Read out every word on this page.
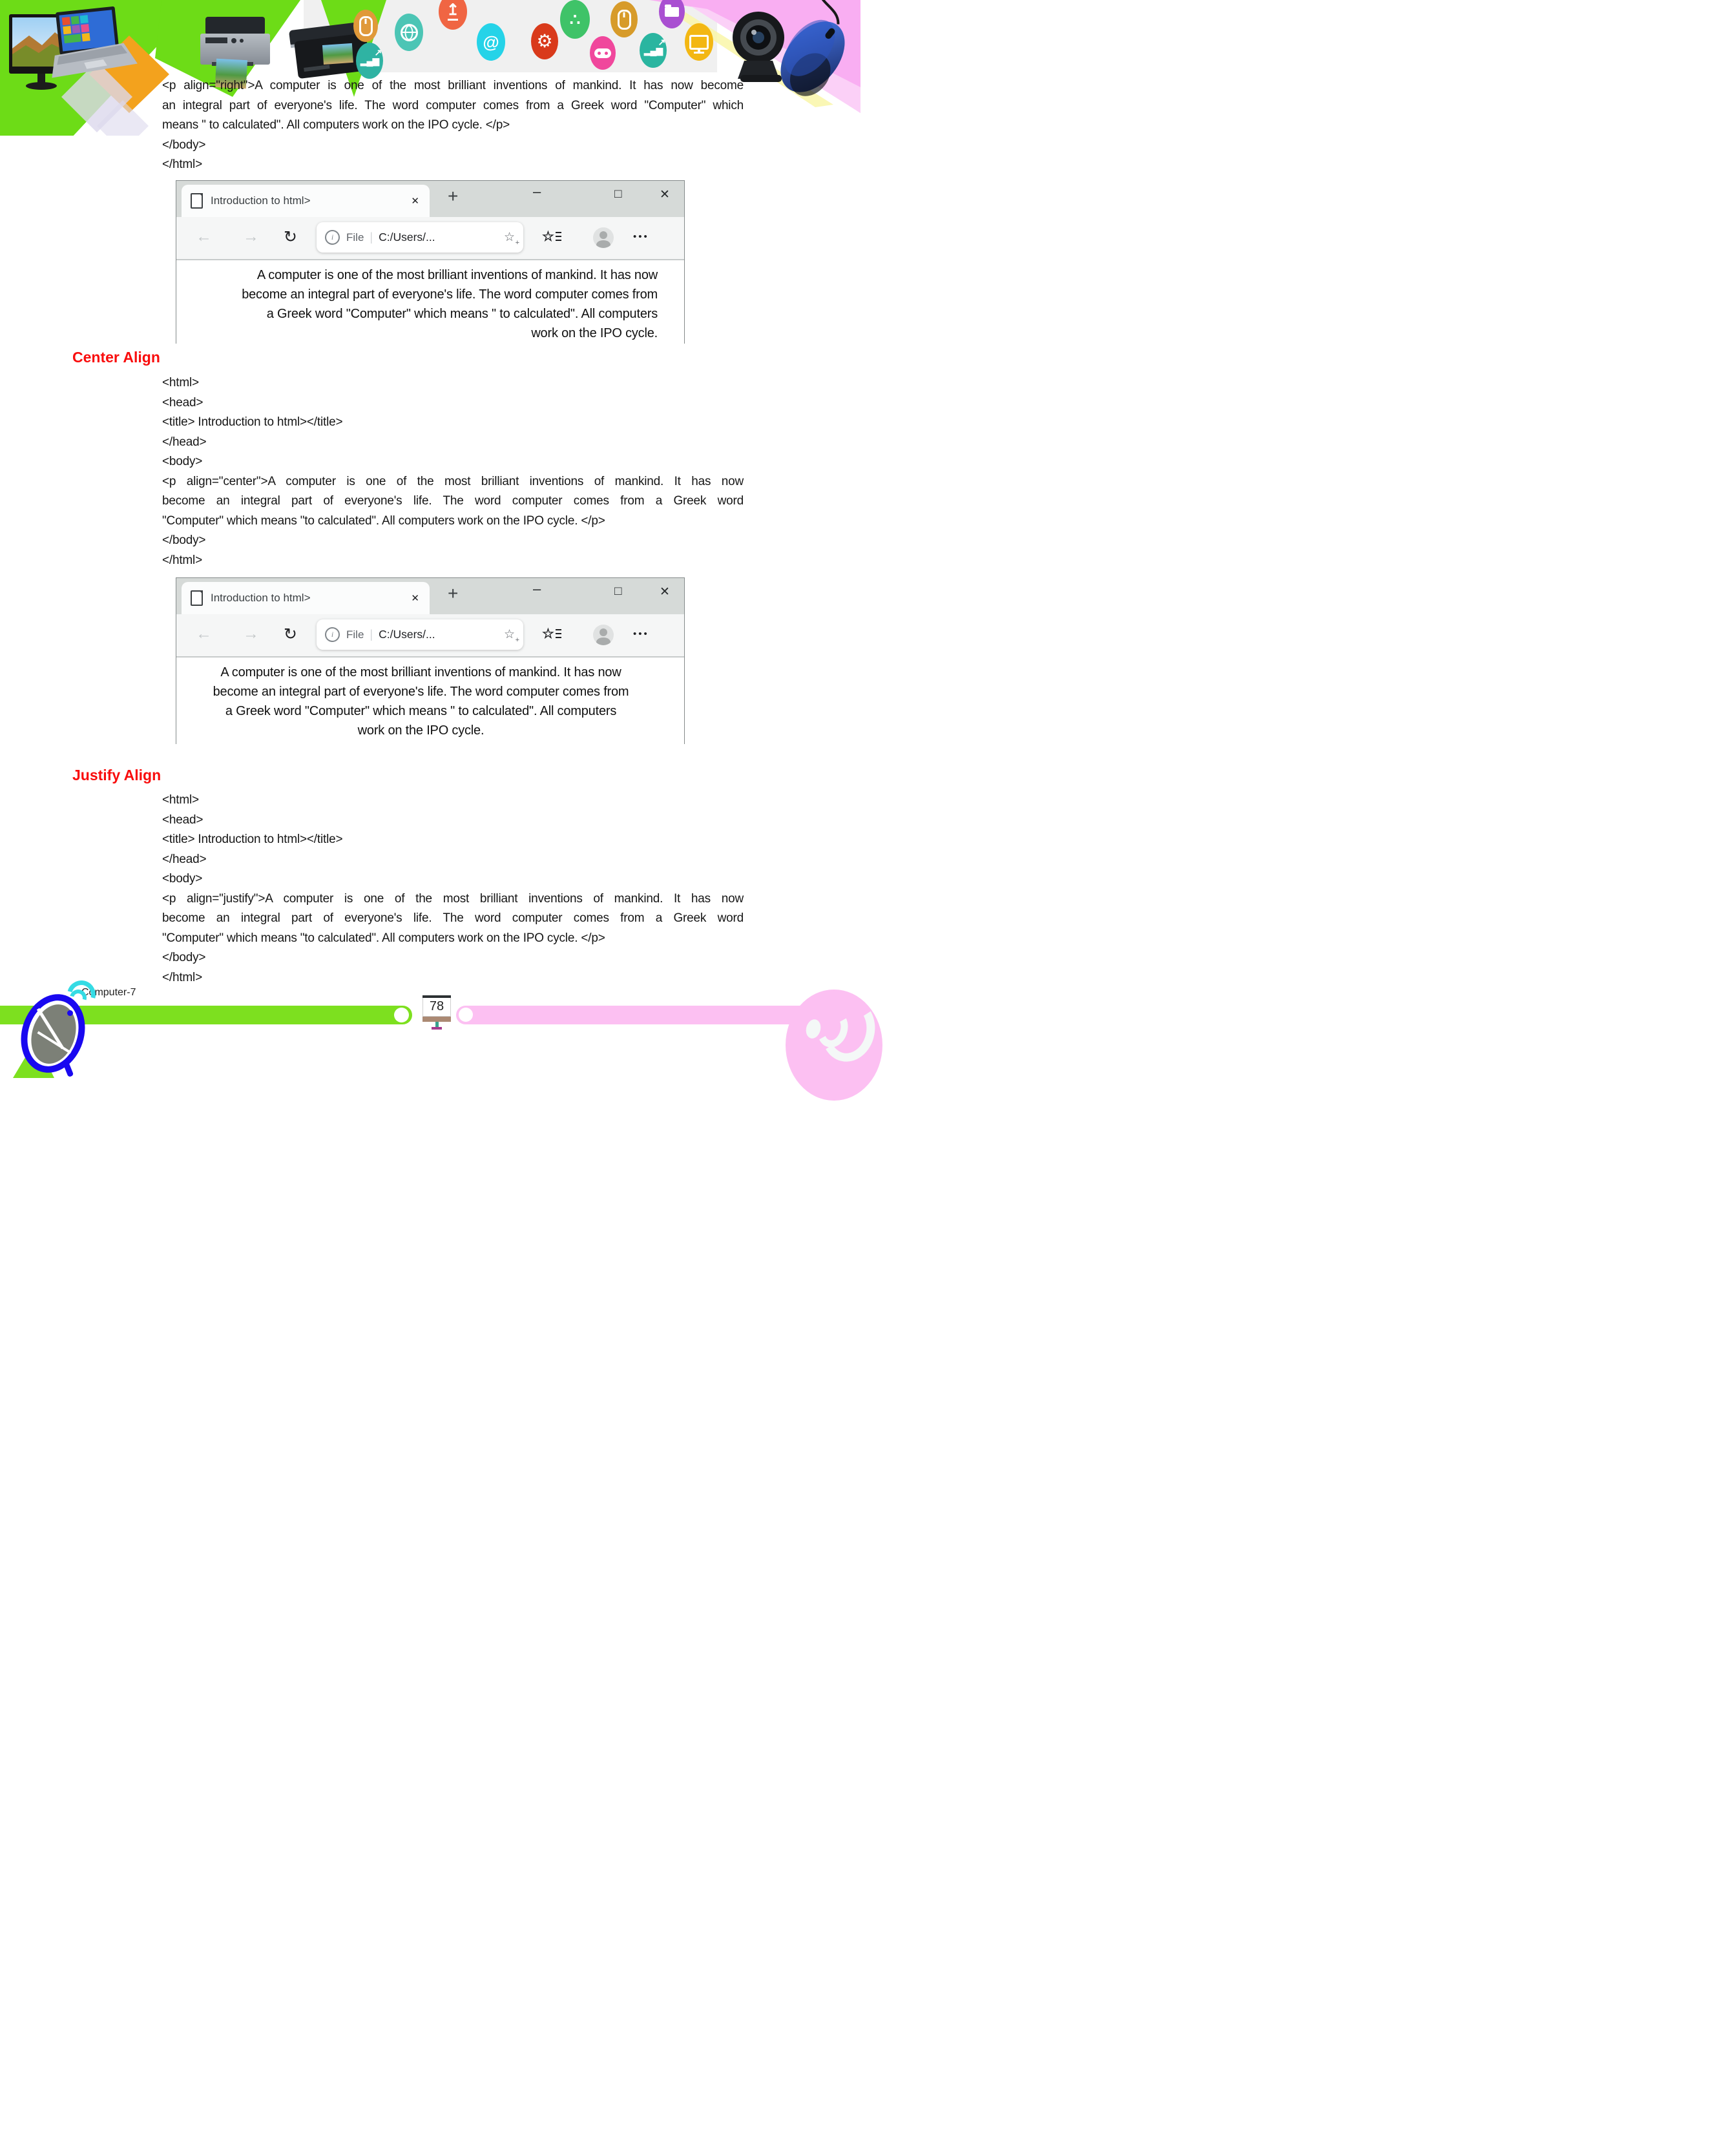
↥
@ ⚙
∴
▂▄▆ ↗
▂▄▆ ↗
<p align="right">A computer is one of the most brilliant inventions of mankind. It has now become
an integral part of everyone's life. The word computer comes from a Greek word "Computer" which
means " to calculated". All computers work on the IPO cycle. </p>
</body>
</html>
Introduction to html>	✕ +	–	□	✕
← → ↻	i	File | C:/Users/...	☆ + ☆	•••
A computer is one of the most brilliant inventions of mankind. It has now
become an integral part of everyone's life. The word computer comes from
a Greek word "Computer" which means " to calculated". All computers
work on the IPO cycle.
Center Align
<html>
<head>
<title> Introduction to html></title>
</head>
<body>
<p align="center">A computer is one of the most brilliant inventions of mankind. It has now
become an integral part of everyone's life. The word computer comes from a Greek word
"Computer" which means "to calculated". All computers work on the IPO cycle. </p>
</body>
</html>
Introduction to html>	✕ +	–	□	✕
← → ↻	i	File | C:/Users/...	☆ + ☆	•••
A computer is one of the most brilliant inventions of mankind. It has now
become an integral part of everyone's life. The word computer comes from
a Greek word "Computer" which means " to calculated". All computers
work on the IPO cycle.
Justify Align
<html>
<head>
<title> Introduction to html></title>
</head>
<body>
<p align="justify">A computer is one of the most brilliant inventions of mankind. It has now
become an integral part of everyone's life. The word computer comes from a Greek word
"Computer" which means "to calculated". All computers work on the IPO cycle. </p>
</body>
</html>
78
Computer-7
